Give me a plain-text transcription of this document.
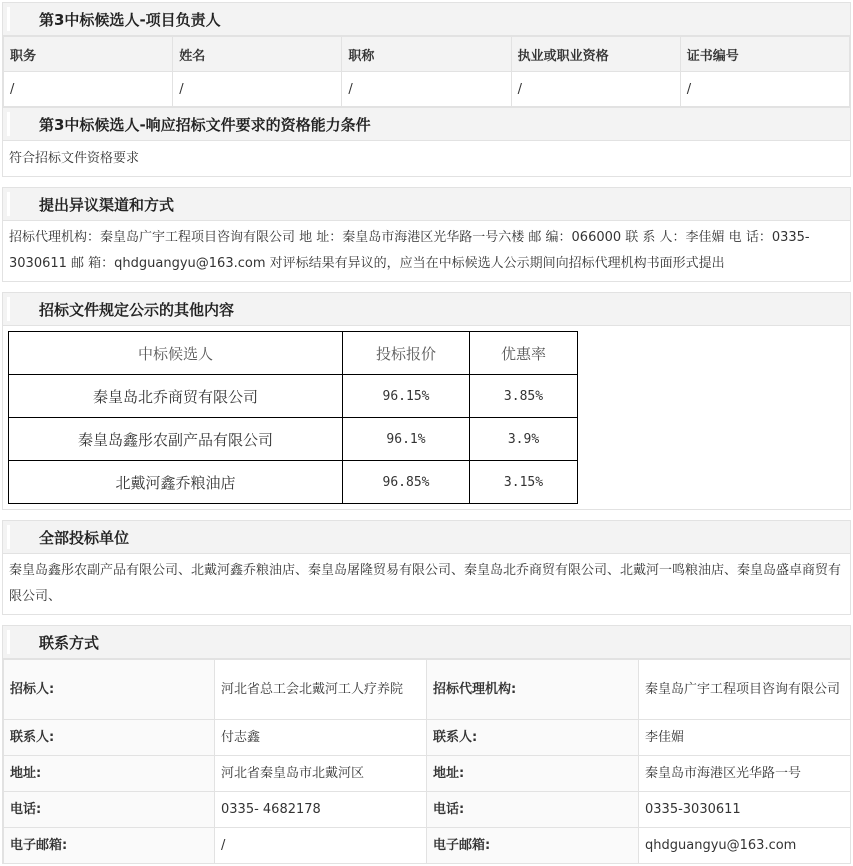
第3中标候选人-项目负责人
职务	姓名	职称	执业或职业资格	证书编号
/	/	/	/	/
第3中标候选人-响应招标文件要求的资格能力条件
符合招标文件资格要求
提出异议渠道和方式
招标代理机构：秦皇岛广宇工程项目咨询有限公司 地 址：秦皇岛市海港区光华路一号六楼 邮 编：066000 联 系 人：李佳媚 电 话：0335-3030611 邮 箱：qhdguangyu@163.com 对评标结果有异议的，应当在中标候选人公示期间向招标代理机构书面形式提出
招标文件规定公示的其他内容
中标候选人	投标报价	优惠率
秦皇岛北乔商贸有限公司	96.15%	3.85%
秦皇岛鑫彤农副产品有限公司	96.1%	3.9%
北戴河鑫乔粮油店	96.85%	3.15%
全部投标单位
秦皇岛鑫彤农副产品有限公司、北戴河鑫乔粮油店、秦皇岛屠隆贸易有限公司、秦皇岛北乔商贸有限公司、北戴河一鸣粮油店、秦皇岛盛卓商贸有限公司、
联系方式
招标人:	河北省总工会北戴河工人疗养院	招标代理机构:	秦皇岛广宇工程项目咨询有限公司
联系人:	付志鑫	联系人:	李佳媚
地址:	河北省秦皇岛市北戴河区	地址:	秦皇岛市海港区光华路一号
电话:	0335- 4682178	电话:	0335-3030611
电子邮箱:	/	电子邮箱:	qhdguangyu@163.com
